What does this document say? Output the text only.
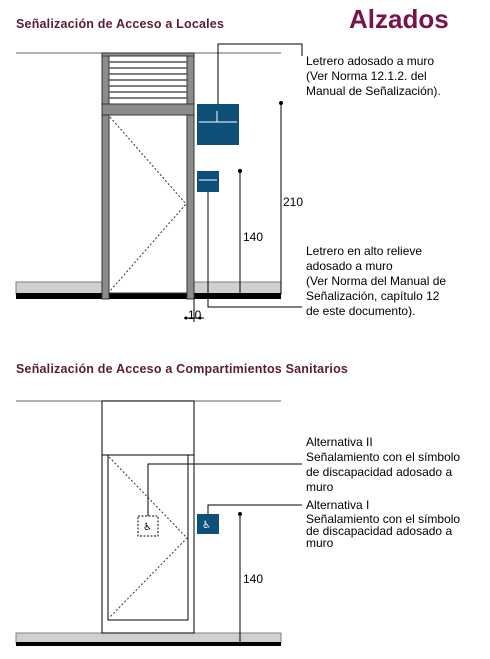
Señalización de Acceso a Locales	Alzados
Señalización de Acceso a Compartimientos Sanitarios
♿	♿
Letrero adosado a muro
(Ver Norma 12.1.2. del
Manual de Señalización).
Letrero en alto relieve
adosado a muro
(Ver Norma del Manual de
Señalización, capítulo 12
de este documento).
210
140
10
Alternativa II
Señalamiento con el símbolo
de discapacidad adosado a
muro
Alternativa I
Señalamiento con el símbolo
de discapacidad adosado a
muro
140
